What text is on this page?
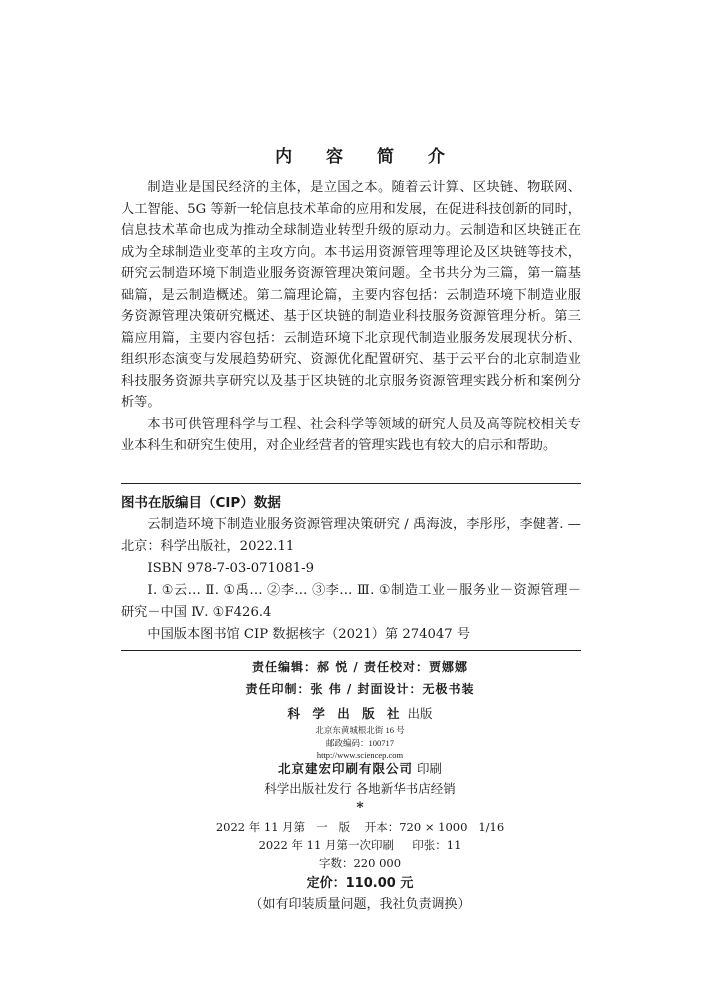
内 容 简 介

制造业是国民经济的主体，是立国之本。随着云计算、区块链、物联网、人工智能、5G 等新一轮信息技术革命的应用和发展，在促进科技创新的同时，信息技术革命也成为推动全球制造业转型升级的原动力。云制造和区块链正在成为全球制造业变革的主攻方向。本书运用资源管理等理论及区块链等技术，研究云制造环境下制造业服务资源管理决策问题。全书共分为三篇，第一篇基础篇，是云制造概述。第二篇理论篇，主要内容包括：云制造环境下制造业服务资源管理决策研究概述、基于区块链的制造业科技服务资源管理分析。第三篇应用篇，主要内容包括：云制造环境下北京现代制造业服务发展现状分析、组织形态演变与发展趋势研究、资源优化配置研究、基于云平台的北京制造业科技服务资源共享研究以及基于区块链的北京服务资源管理实践分析和案例分析等。

本书可供管理科学与工程、社会科学等领域的研究人员及高等院校相关专业本科生和研究生使用，对企业经营者的管理实践也有较大的启示和帮助。

图书在版编目（CIP）数据
云制造环境下制造业服务资源管理决策研究 / 禹海波，李彤彤，李健著. —北京：科学出版社，2022.11
ISBN 978-7-03-071081-9
Ⅰ. ①云… Ⅱ. ①禹… ②李… ③李… Ⅲ. ①制造工业－服务业－资源管理－研究－中国 Ⅳ. ①F426.4
中国版本图书馆 CIP 数据核字（2021）第 274047 号
责任编辑：郝 悦 / 责任校对：贾娜娜
责任印制：张 伟 / 封面设计：无极书装
科 学 出 版 社 出版
北京东黄城根北街 16 号
邮政编码：100717
http://www.sciencep.com
北京建宏印刷有限公司 印刷
科学出版社发行 各地新华书店经销
*
2022 年 11 月第   一   版    开本：720 × 1000   1/16
2022 年 11 月第一次印刷     印张：11
字数：220 000
定价：110.00 元
（如有印装质量问题，我社负责调换）
